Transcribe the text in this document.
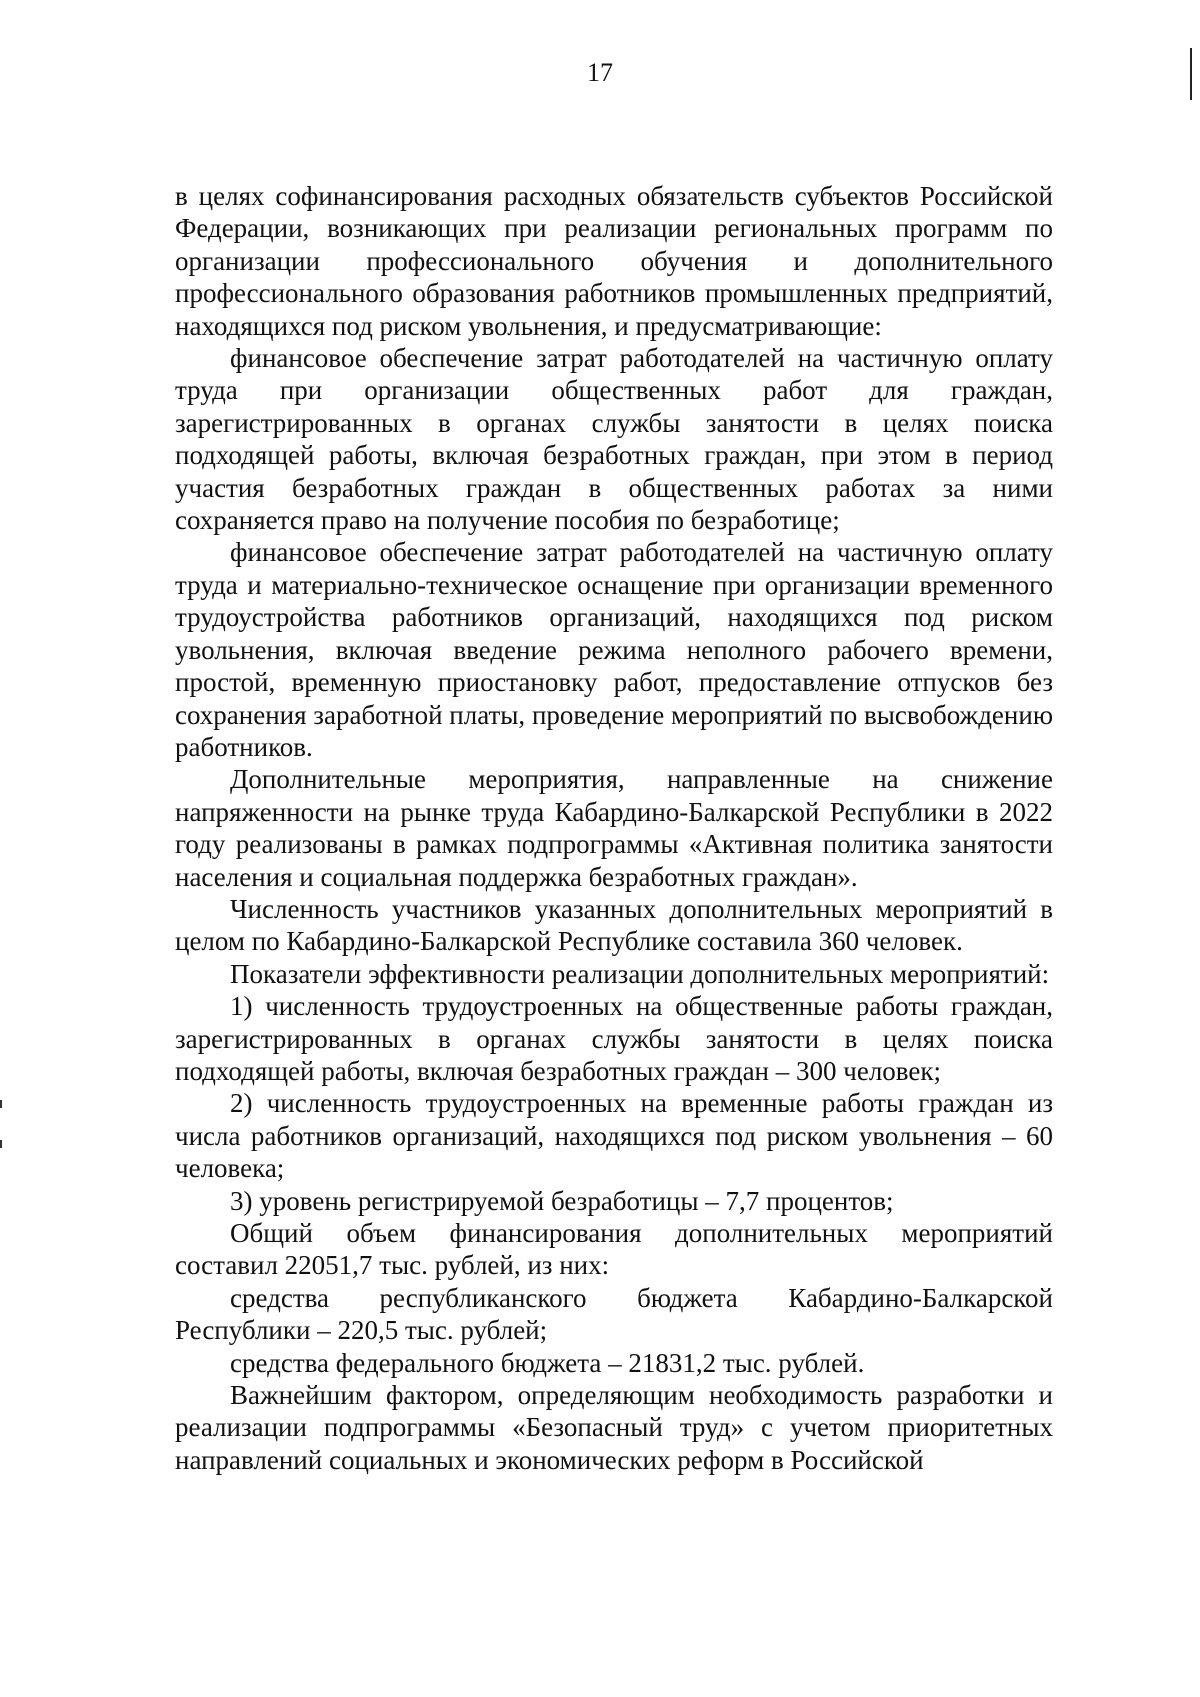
17

в целях софинансирования расходных обязательств субъектов Российской Федерации, возникающих при реализации региональных программ по организации профессионального обучения и дополнительного профессионального образования работников промышленных предприятий, находящихся под риском увольнения, и предусматривающие:

финансовое обеспечение затрат работодателей на частичную оплату труда при организации общественных работ для граждан, зарегистрированных в органах службы занятости в целях поиска подходящей работы, включая безработных граждан, при этом в период участия безработных граждан в общественных работах за ними сохраняется право на получение пособия по безработице;

финансовое обеспечение затрат работодателей на частичную оплату труда и материально-техническое оснащение при организации временного трудоустройства работников организаций, находящихся под риском увольнения, включая введение режима неполного рабочего времени, простой, временную приостановку работ, предоставление отпусков без сохранения заработной платы, проведение мероприятий по высвобождению работников.

Дополнительные мероприятия, направленные на снижение напряженности на рынке труда Кабардино-Балкарской Республики в 2022 году реализованы в рамках подпрограммы «Активная политика занятости населения и социальная поддержка безработных граждан».

Численность участников указанных дополнительных мероприятий в целом по Кабардино-Балкарской Республике составила 360 человек.

Показатели эффективности реализации дополнительных мероприятий:

1) численность трудоустроенных на общественные работы граждан, зарегистрированных в органах службы занятости в целях поиска подходящей работы, включая безработных граждан – 300 человек;

2) численность трудоустроенных на временные работы граждан из числа работников организаций, находящихся под риском увольнения – 60 человека;

3) уровень регистрируемой безработицы – 7,7 процентов;

Общий объем финансирования дополнительных мероприятий составил 22051,7 тыс. рублей, из них:

средства республиканского бюджета Кабардино-Балкарской Республики – 220,5 тыс. рублей;

средства федерального бюджета – 21831,2 тыс. рублей.

Важнейшим фактором, определяющим необходимость разработки и реализации подпрограммы «Безопасный труд» с учетом приоритетных направлений социальных и экономических реформ в Российской
